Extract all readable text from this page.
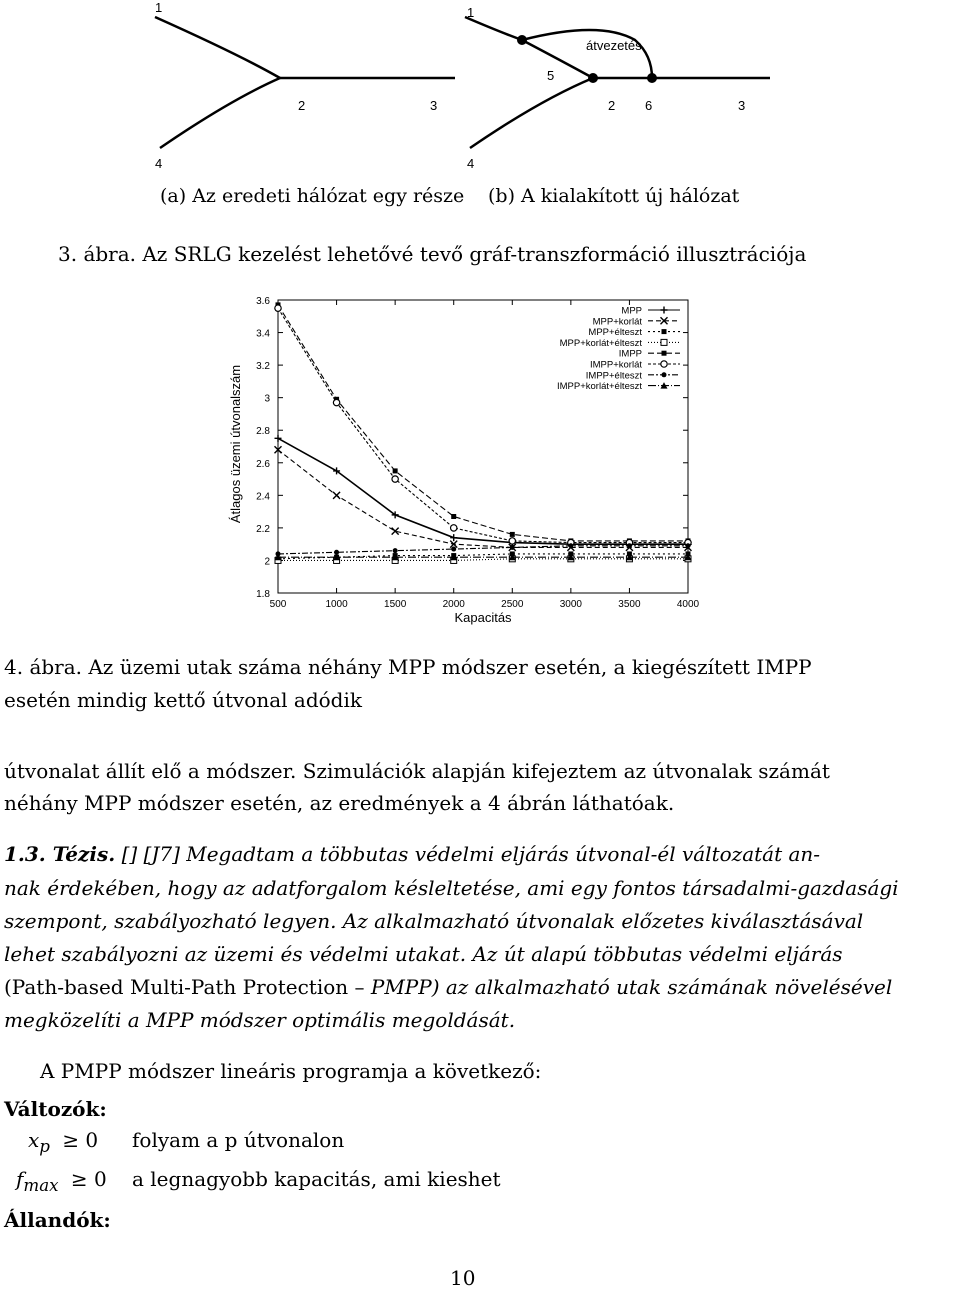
1
2	3
4
1
átvezetés
5
2 6	3
4
(a) Az eredeti hálózat egy része (b) A kialakított új hálózat
3. ábra. Az SRLG kezelést lehetővé tevő gráf-transzformáció illusztrációja
1.8
2
2.2
2.4
2.6
2.8
3
3.2
3.4
3.6
500	1000	1500	2000	2500	3000	3500	4000
MPP
MPP+korlát
MPP+élteszt
MPP+korlát+élteszt
IMPP
IMPP+korlát
IMPP+élteszt
IMPP+korlát+élteszt
Átlagos üzemi útvonalszám
Kapacitás
4. ábra. Az üzemi utak száma néhány MPP módszer esetén, a kiegészített IMPP
esetén mindig kettő útvonal adódik
útvonalat állít elő a módszer. Szimulációk alapján kifejeztem az útvonalak számát
néhány MPP módszer esetén, az eredmények a 4 ábrán láthatóak.
1.3. Tézis. [] [J7] Megadtam a többutas védelmi eljárás útvonal-él változatát an-
nak érdekében, hogy az adatforgalom késleltetése, ami egy fontos társadalmi-gazdasági
szempont, szabályozható legyen. Az alkalmazható útvonalak előzetes kiválasztásával
lehet szabályozni az üzemi és védelmi utakat. Az út alapú többutas védelmi eljárás
(Path-based Multi-Path Protection – PMPP) az alkalmazható utak számának növelésével
megközelíti a MPP módszer optimális megoldását.
A PMPP módszer lineáris programja a következő:
Változók:
$x_p \ge 0$ folyam a p útvonalon
$f_{max} \ge 0$ a legnagyobb kapacitás, ami kieshet
Állandók:
10
